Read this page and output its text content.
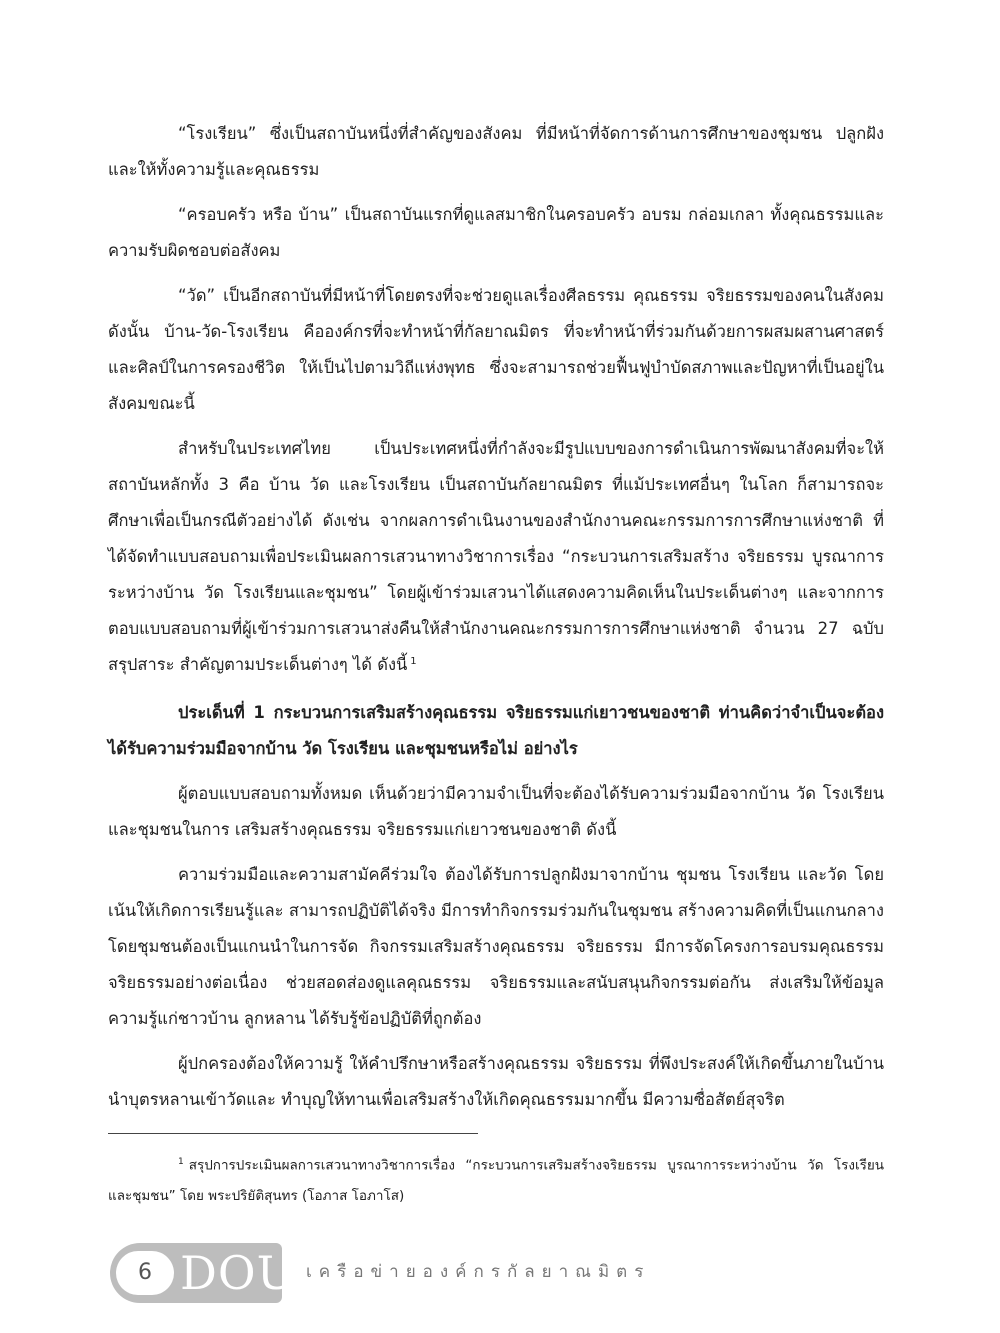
“โรงเรียน” ซึ่งเป็นสถาบันหนึ่งที่สำคัญของสังคม ที่มีหน้าที่จัดการด้านการศึกษาของชุมชน ปลูกฝังและให้ทั้งความรู้และคุณธรรม

“ครอบครัว หรือ บ้าน” เป็นสถาบันแรกที่ดูแลสมาชิกในครอบครัว อบรม กล่อมเกลา ทั้งคุณธรรมและความรับผิดชอบต่อสังคม

“วัด” เป็นอีกสถาบันที่มีหน้าที่โดยตรงที่จะช่วยดูแลเรื่องศีลธรรม คุณธรรม จริยธรรมของคนในสังคม ดังนั้น บ้าน-วัด-โรงเรียน คือองค์กรที่จะทำหน้าที่กัลยาณมิตร ที่จะทำหน้าที่ร่วมกันด้วยการผสมผสานศาสตร์และศิลป์ในการครองชีวิต ให้เป็นไปตามวิถีแห่งพุทธ ซึ่งจะสามารถช่วยฟื้นฟูบำบัดสภาพและปัญหาที่เป็นอยู่ในสังคมขณะนี้

สำหรับในประเทศไทย เป็นประเทศหนึ่งที่กำลังจะมีรูปแบบของการดำเนินการพัฒนาสังคมที่จะให้สถาบันหลักทั้ง 3 คือ บ้าน วัด และโรงเรียน เป็นสถาบันกัลยาณมิตร ที่แม้ประเทศอื่นๆ ในโลก ก็สามารถจะศึกษาเพื่อเป็นกรณีตัวอย่างได้ ดังเช่น จากผลการดำเนินงานของสำนักงานคณะกรรมการการศึกษาแห่งชาติ ที่ได้จัดทำแบบสอบถามเพื่อประเมินผลการเสวนาทางวิชาการเรื่อง “กระบวนการเสริมสร้าง จริยธรรม บูรณาการระหว่างบ้าน วัด โรงเรียนและชุมชน” โดยผู้เข้าร่วมเสวนาได้แสดงความคิดเห็นในประเด็นต่างๆ และจากการตอบแบบสอบถามที่ผู้เข้าร่วมการเสวนาส่งคืนให้สำนักงานคณะกรรมการการศึกษาแห่งชาติ จำนวน 27 ฉบับ สรุปสาระ สำคัญตามประเด็นต่างๆ ได้ ดังนี้ $^1$

ประเด็นที่ 1 กระบวนการเสริมสร้างคุณธรรม จริยธรรมแก่เยาวชนของชาติ ท่านคิดว่าจำเป็นจะต้องได้รับความร่วมมือจากบ้าน วัด โรงเรียน และชุมชนหรือไม่ อย่างไร

ผู้ตอบแบบสอบถามทั้งหมด เห็นด้วยว่ามีความจำเป็นที่จะต้องได้รับความร่วมมือจากบ้าน วัด โรงเรียน และชุมชนในการ เสริมสร้างคุณธรรม จริยธรรมแก่เยาวชนของชาติ ดังนี้

ความร่วมมือและความสามัคคีร่วมใจ ต้องได้รับการปลูกฝังมาจากบ้าน ชุมชน โรงเรียน และวัด โดยเน้นให้เกิดการเรียนรู้และ สามารถปฏิบัติได้จริง มีการทำกิจกรรมร่วมกันในชุมชน สร้างความคิดที่เป็นแกนกลาง โดยชุมชนต้องเป็นแกนนำในการจัด กิจกรรมเสริมสร้างคุณธรรม จริยธรรม มีการจัดโครงการอบรมคุณธรรม จริยธรรมอย่างต่อเนื่อง ช่วยสอดส่องดูแลคุณธรรม จริยธรรมและสนับสนุนกิจกรรมต่อกัน ส่งเสริมให้ข้อมูลความรู้แก่ชาวบ้าน ลูกหลาน ได้รับรู้ข้อปฏิบัติที่ถูกต้อง

ผู้ปกครองต้องให้ความรู้ ให้คำปรึกษาหรือสร้างคุณธรรม จริยธรรม ที่พึงประสงค์ให้เกิดขึ้นภายในบ้าน นำบุตรหลานเข้าวัดและ ทำบุญให้ทานเพื่อเสริมสร้างให้เกิดคุณธรรมมากขึ้น มีความซื่อสัตย์สุจริต

$^1$ สรุปการประเมินผลการเสวนาทางวิชาการเรื่อง “กระบวนการเสริมสร้างจริยธรรม บูรณาการระหว่างบ้าน วัด โรงเรียน และชุมชน” โดย พระปริยัติสุนทร (โอภาส โอภาโส)
6 DOU เครือข่ายองค์กรกัลยาณมิตร
